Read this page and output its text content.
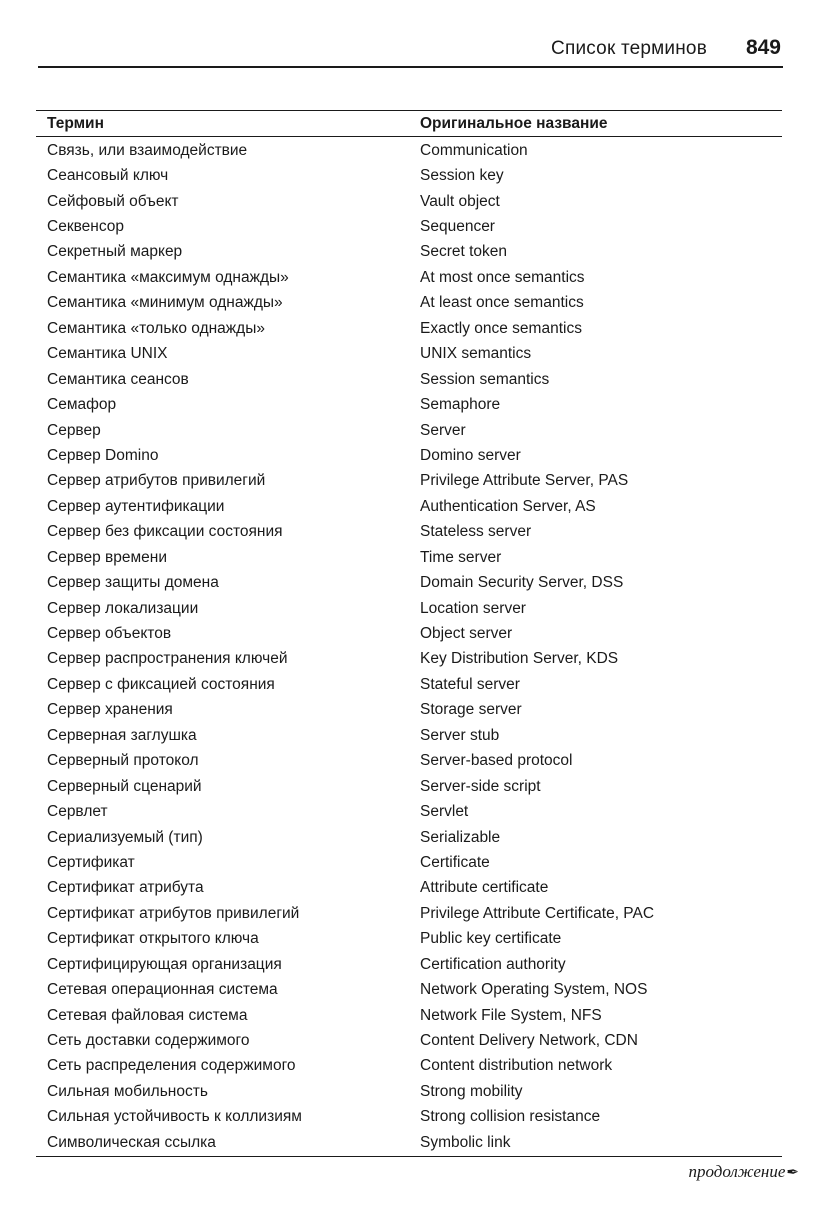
Список терминов 849
Термин	Оригинальное название
Связь, или взаимодействие	Communication
Сеансовый ключ	Session key
Сейфовый объект	Vault object
Секвенсор	Sequencer
Секретный маркер	Secret token
Семантика «максимум однажды»	At most once semantics
Семантика «минимум однажды»	At least once semantics
Семантика «только однажды»	Exactly once semantics
Семантика UNIX	UNIX semantics
Семантика сеансов	Session semantics
Семафор	Semaphore
Сервер	Server
Сервер Domino	Domino server
Сервер атрибутов привилегий	Privilege Attribute Server, PAS
Сервер аутентификации	Authentication Server, AS
Сервер без фиксации состояния	Stateless server
Сервер времени	Time server
Сервер защиты домена	Domain Security Server, DSS
Сервер локализации	Location server
Сервер объектов	Object server
Сервер распространения ключей	Key Distribution Server, KDS
Сервер с фиксацией состояния	Stateful server
Сервер хранения	Storage server
Серверная заглушка	Server stub
Серверный протокол	Server-based protocol
Серверный сценарий	Server-side script
Сервлет	Servlet
Сериализуемый (тип)	Serializable
Сертификат	Certificate
Сертификат атрибута	Attribute certificate
Сертификат атрибутов привилегий	Privilege Attribute Certificate, PAC
Сертификат открытого ключа	Public key certificate
Сертифицирующая организация	Certification authority
Сетевая операционная система	Network Operating System, NOS
Сетевая файловая система	Network File System, NFS
Сеть доставки содержимого	Content Delivery Network, CDN
Сеть распределения содержимого	Content distribution network
Сильная мобильность	Strong mobility
Сильная устойчивость к коллизиям	Strong collision resistance
Символическая ссылка	Symbolic link
продолжение✒
